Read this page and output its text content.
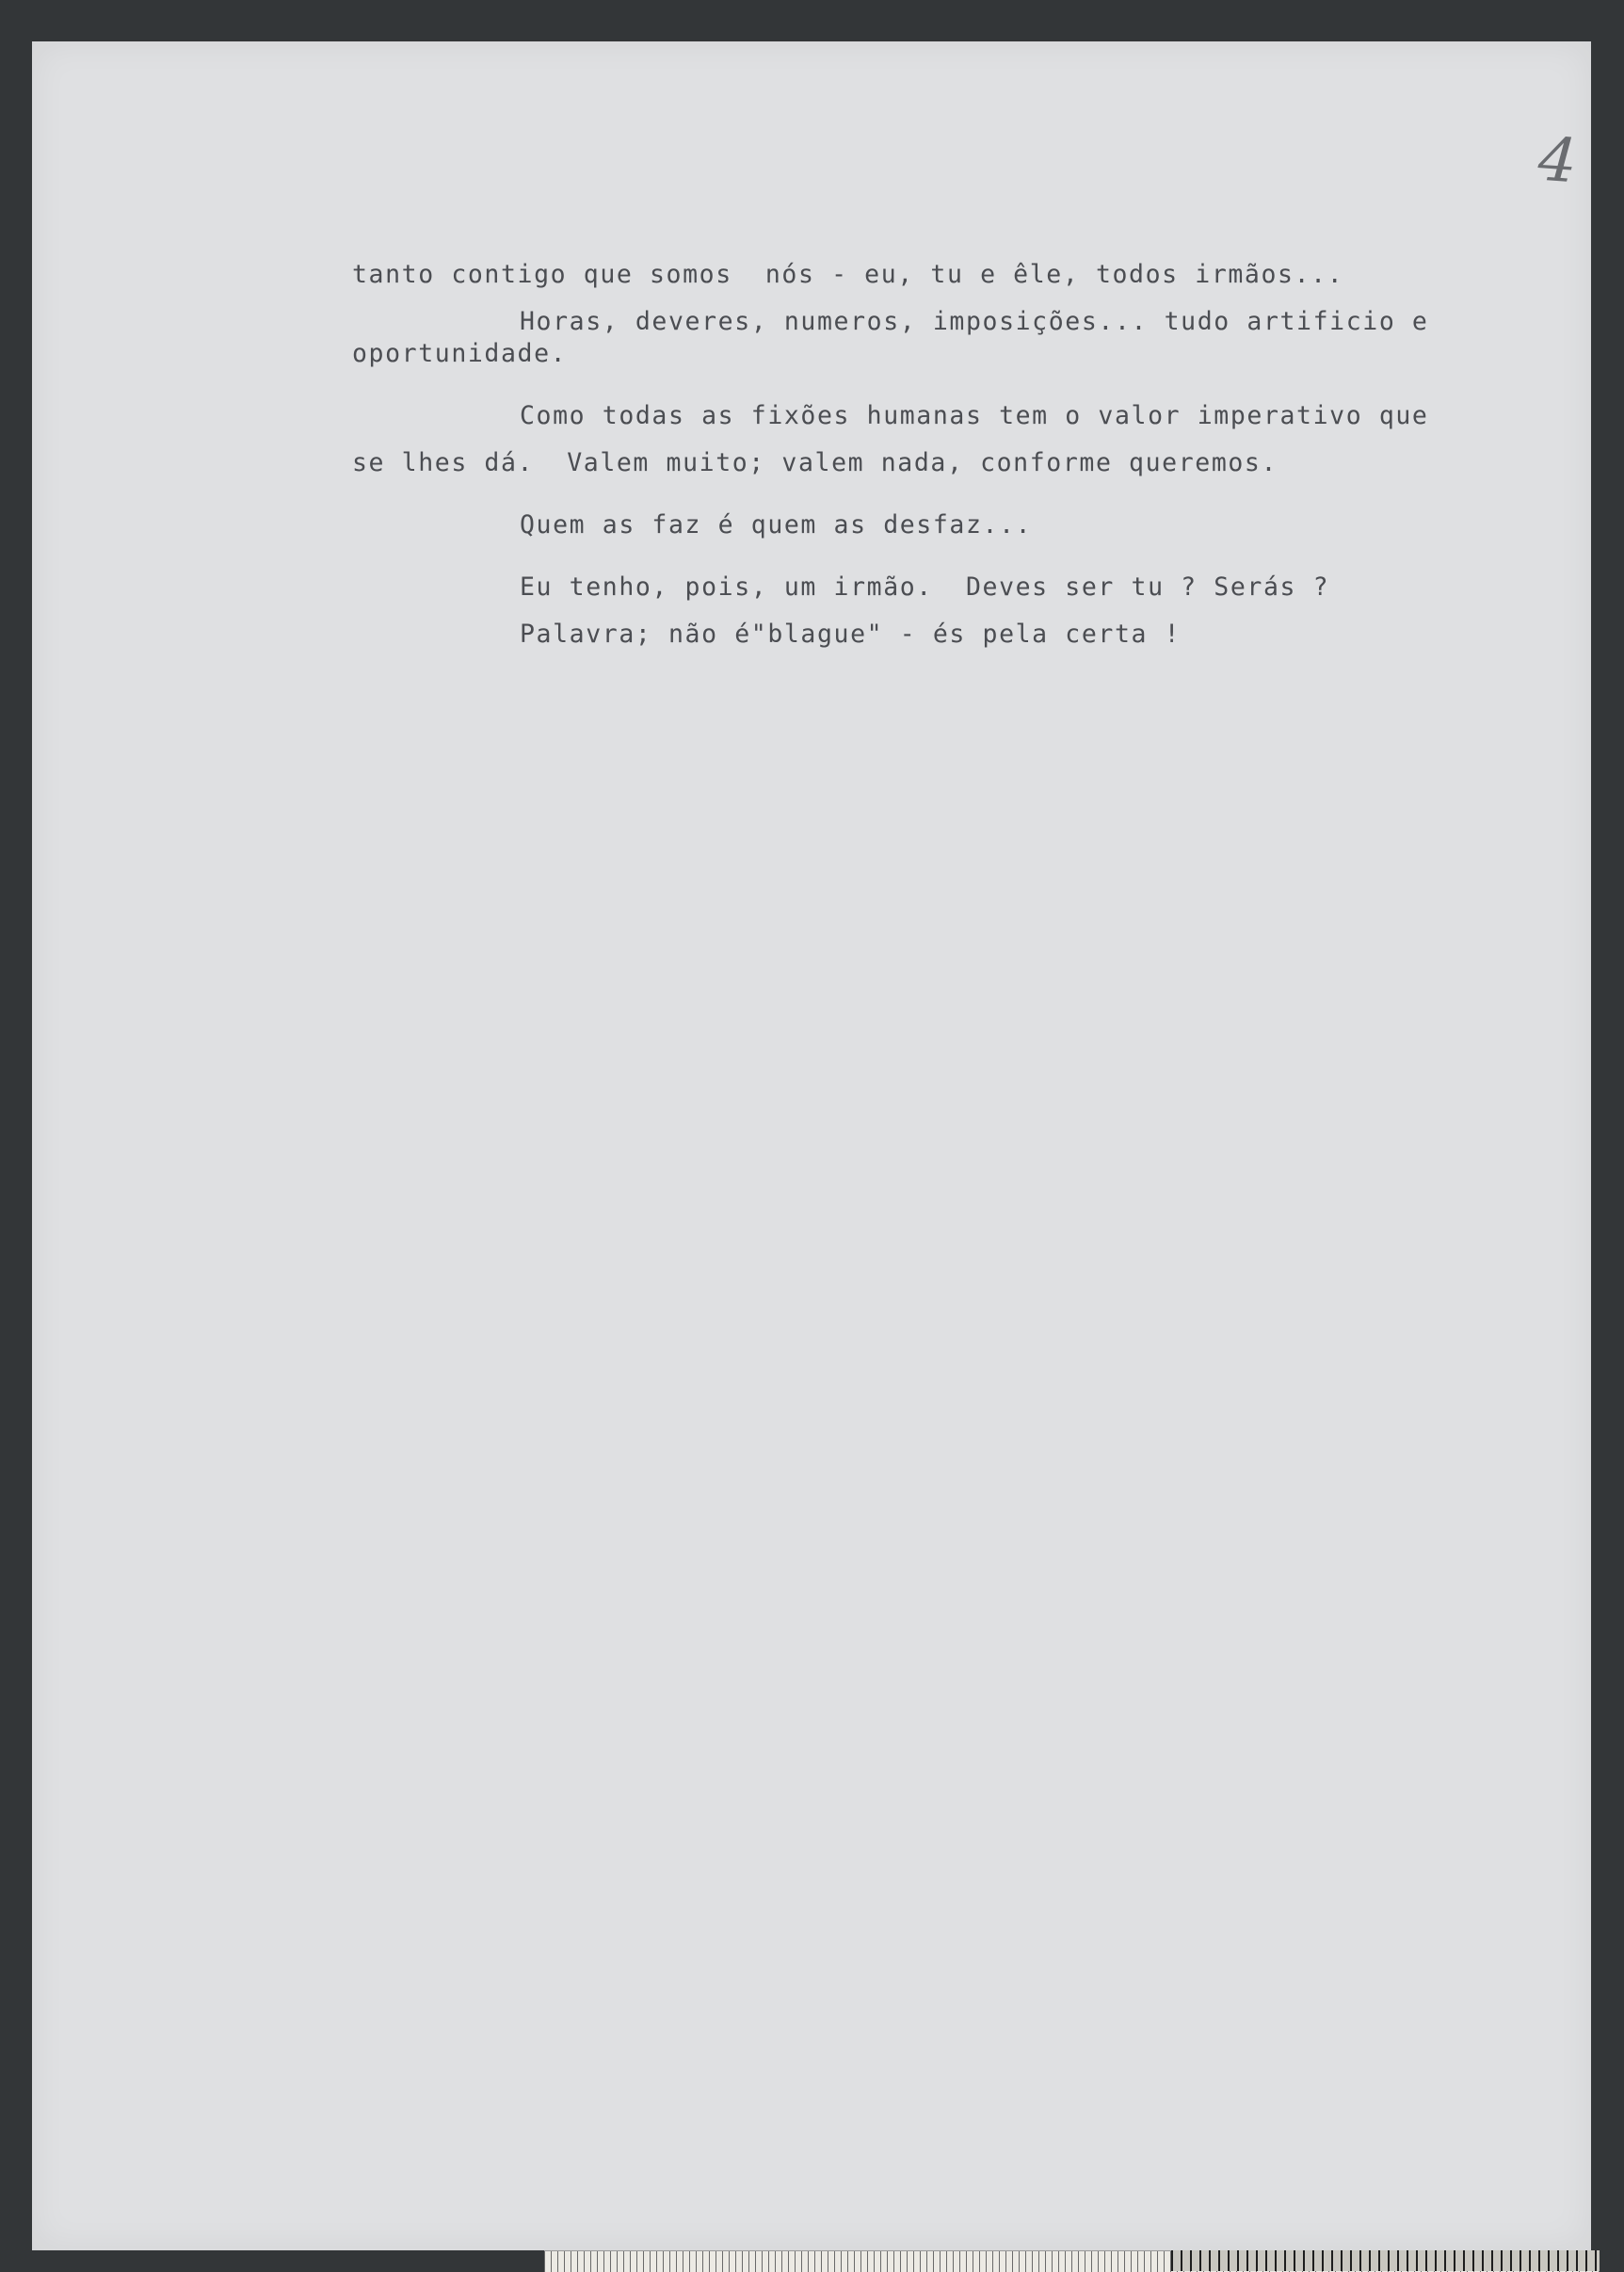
4
tanto contigo que somos  nós - eu, tu e êle, todos irmãos...
Horas, deveres, numeros, imposições... tudo artificio e
oportunidade.
Como todas as fixões humanas tem o valor imperativo que
se lhes dá.  Valem muito; valem nada, conforme queremos.
Quem as faz é quem as desfaz...
Eu tenho, pois, um irmão.  Deves ser tu ? Serás ?
Palavra; não é"blague" - és pela certa !
